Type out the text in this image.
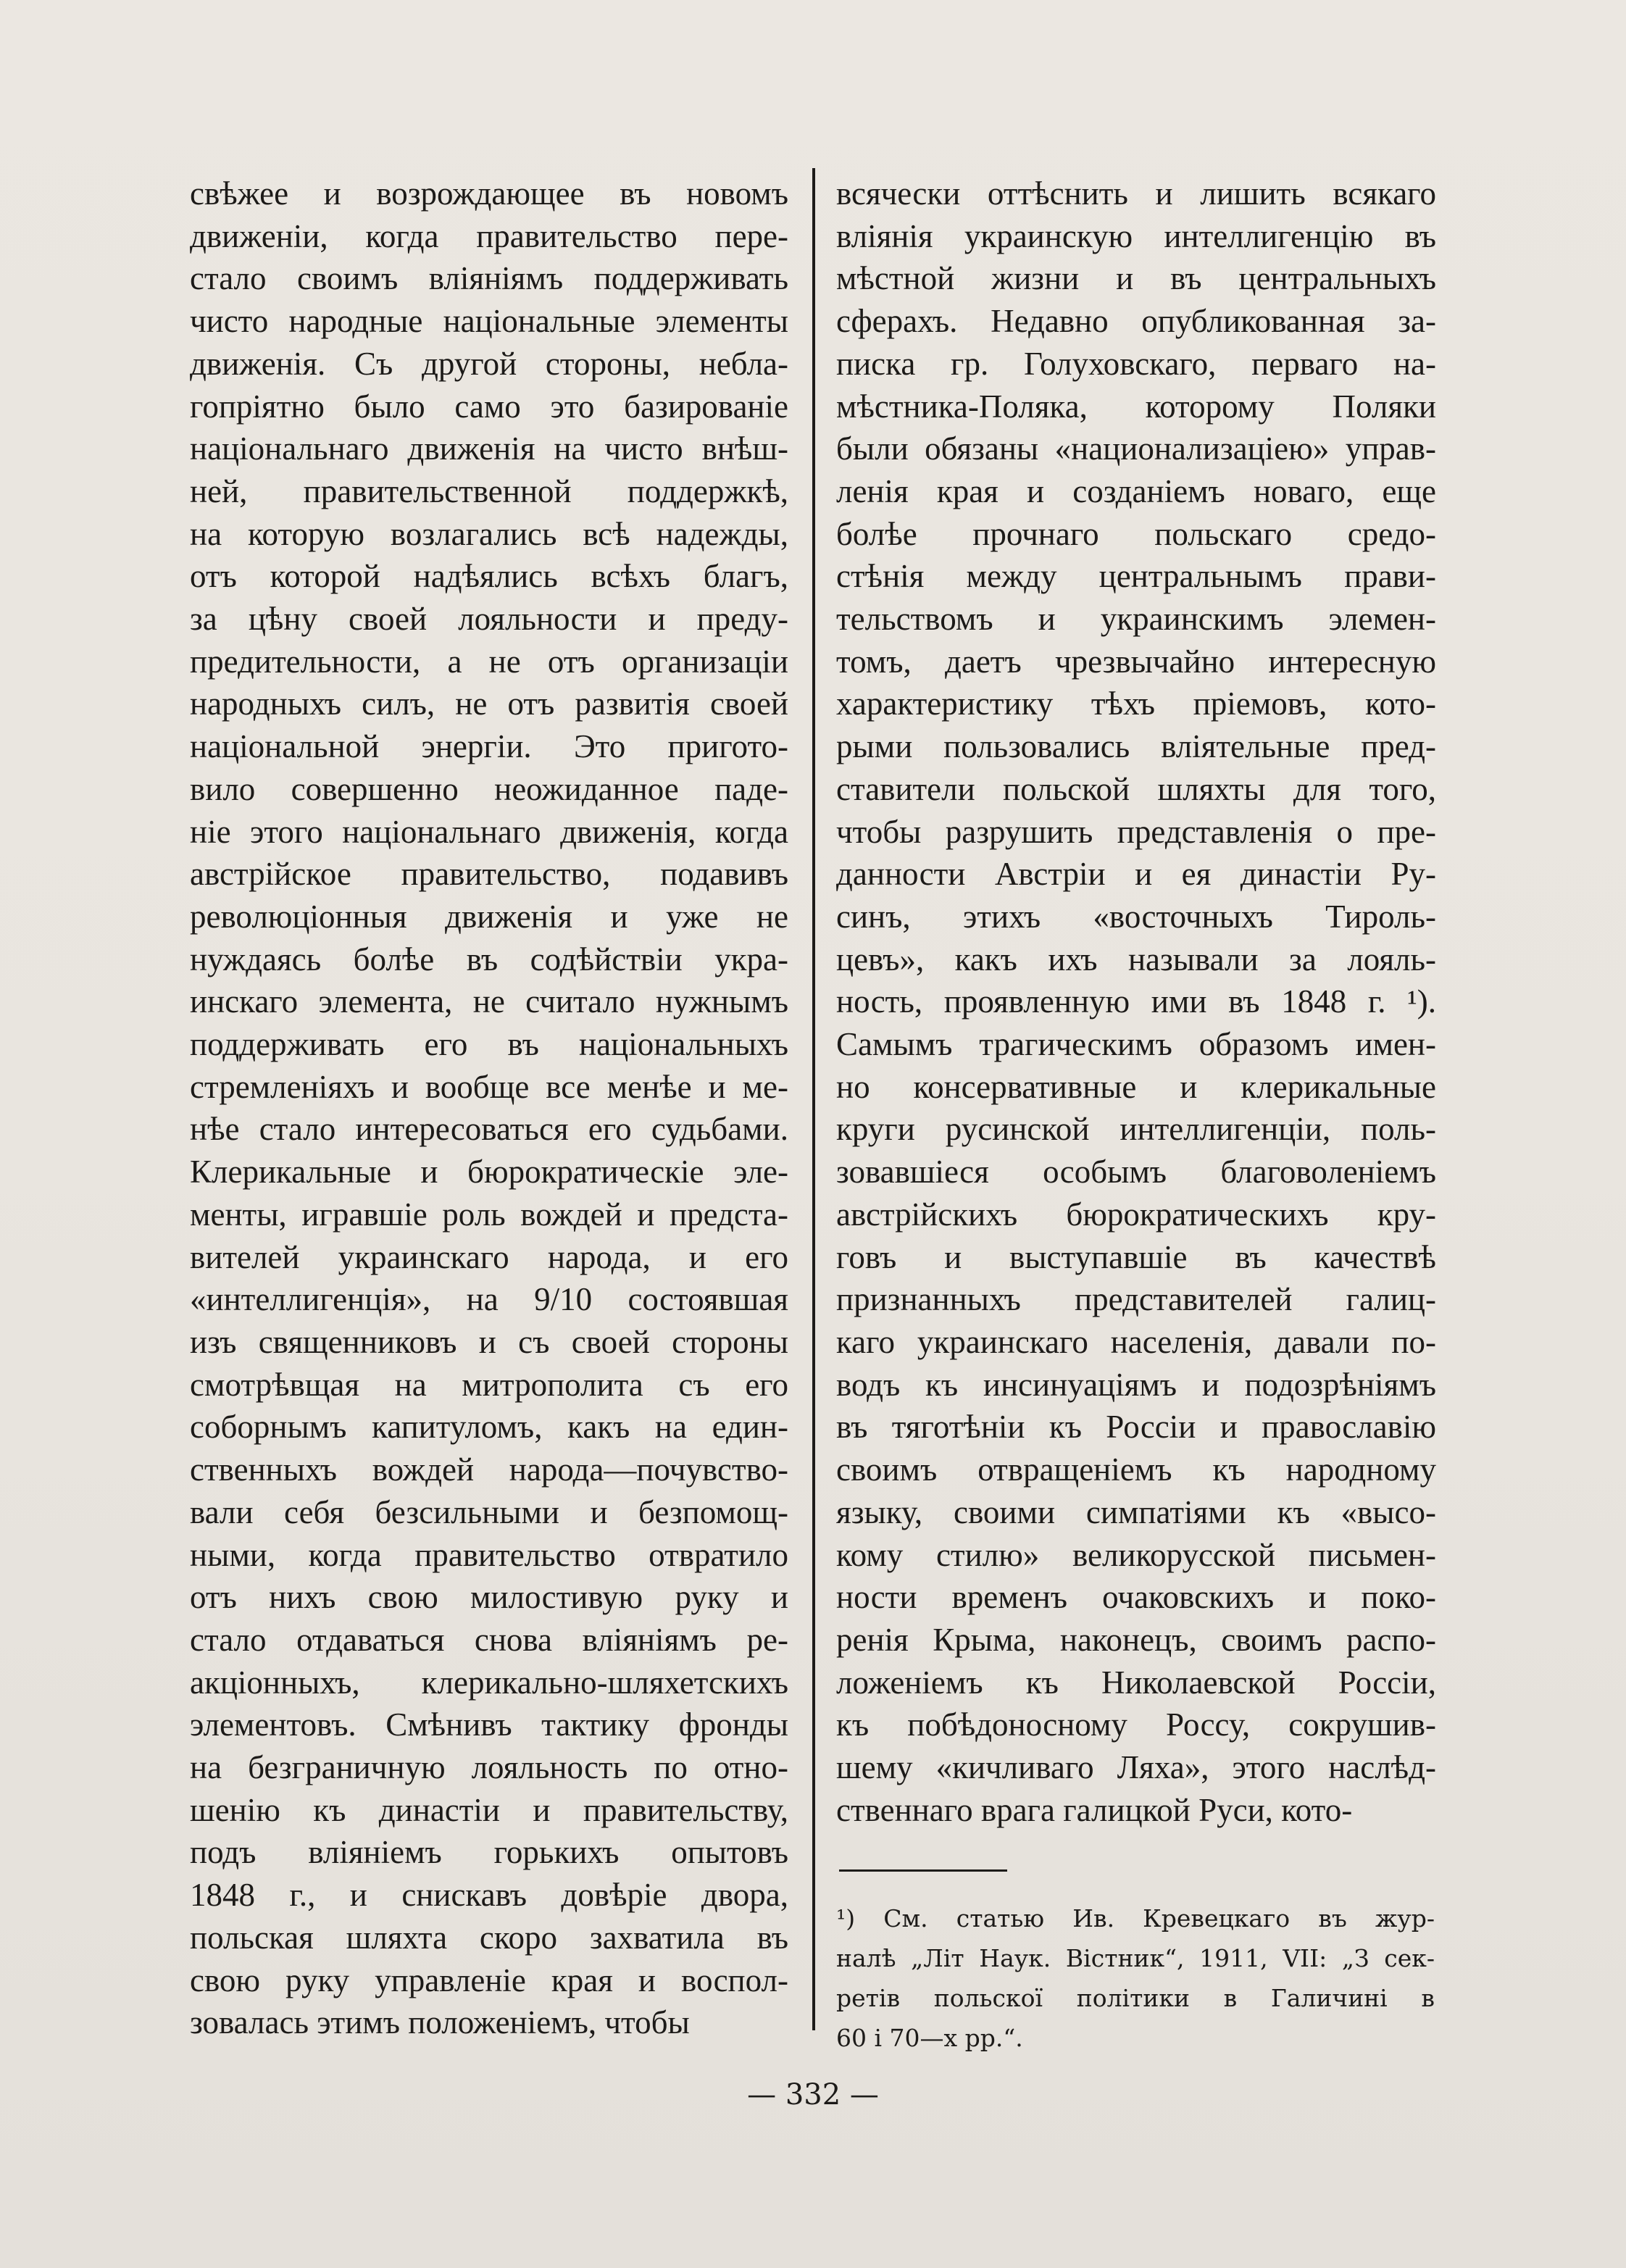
свѣжее и возрождающее въ новомъ
движеніи, когда правительство пере-
стало своимъ вліяніямъ поддерживать
чисто народные національные элементы
движенія. Съ другой стороны, небла-
гопріятно было само это базированіе
національнаго движенія на чисто внѣш-
ней, правительственной поддержкѣ,
на которую возлагались всѣ надежды,
отъ которой надѣялись всѣхъ благъ,
за цѣну своей лояльности и преду-
предительности, а не отъ организаціи
народныхъ силъ, не отъ развитія своей
національной энергіи. Это пригото-
вило совершенно неожиданное паде-
ніе этого національнаго движенія, когда
австрійское правительство, подавивъ
революціонныя движенія и уже не
нуждаясь болѣе въ содѣйствіи укра-
инскаго элемента, не считало нужнымъ
поддерживать его въ національныхъ
стремленіяхъ и вообще все менѣе и ме-
нѣе стало интересоваться его судьбами.
Клерикальные и бюрократическіе эле-
менты, игравшіе роль вождей и предста-
вителей украинскаго народа, и его
«интеллигенція», на 9/10 состоявшая
изъ священниковъ и съ своей стороны
смотрѣвщая на митрополита съ его
соборнымъ капитуломъ, какъ на един-
ственныхъ вождей народа—почувство-
вали себя безсильными и безпомощ-
ными, когда правительство отвратило
отъ нихъ свою милостивую руку и
стало отдаваться снова вліяніямъ ре-
акціонныхъ, клерикально-шляхетскихъ
элементовъ. Смѣнивъ тактику фронды
на безграничную лояльность по отно-
шенію къ династіи и правительству,
подъ вліяніемъ горькихъ опытовъ
1848 г., и снискавъ довѣріе двора,
польская шляхта скоро захватила въ
свою руку управленіе края и воспол-
зовалась этимъ положеніемъ, чтобы
всячески оттѣснить и лишить всякаго
вліянія украинскую интеллигенцію въ
мѣстной жизни и въ центральныхъ
сферахъ. Недавно опубликованная за-
писка гр. Голуховскаго, перваго на-
мѣстника-Поляка, которому Поляки
были обязаны «национализаціею» управ-
ленія края и созданіемъ новаго, еще
болѣе прочнаго польскаго средо-
стѣнія между центральнымъ прави-
тельствомъ и украинскимъ элемен-
томъ, даетъ чрезвычайно интересную
характеристику тѣхъ пріемовъ, кото-
рыми пользовались вліятельные пред-
ставители польской шляхты для того,
чтобы разрушить представленія о пре-
данности Австріи и ея династіи Ру-
синъ, этихъ «восточныхъ Тироль-
цевъ», какъ ихъ называли за лояль-
ность, проявленную ими въ 1848 г. ¹).
Самымъ трагическимъ образомъ имен-
но консервативные и клерикальные
круги русинской интеллигенціи, поль-
зовавшіеся особымъ благоволеніемъ
австрійскихъ бюрократическихъ кру-
говъ и выступавшіе въ качествѣ
признанныхъ представителей галиц-
каго украинскаго населенія, давали по-
водъ къ инсинуаціямъ и подозрѣніямъ
въ тяготѣніи къ Россіи и православію
своимъ отвращеніемъ къ народному
языку, своими симпатіями къ «высо-
кому стилю» великорусской письмен-
ности временъ очаковскихъ и поко-
ренія Крыма, наконецъ, своимъ распо-
ложеніемъ къ Николаевской Россіи,
къ побѣдоносному Россу, сокрушив-
шему «кичливаго Ляха», этого наслѣд-
ственнаго врага галицкой Руси, кото-
¹) См. статью Ив. Кревецкаго въ жур-
налѣ „Літ Наук. Вістник“, 1911, VII: „З сек-
ретів польскої політики в Галичині в
60 і 70—х рр.“.
— 332 —
